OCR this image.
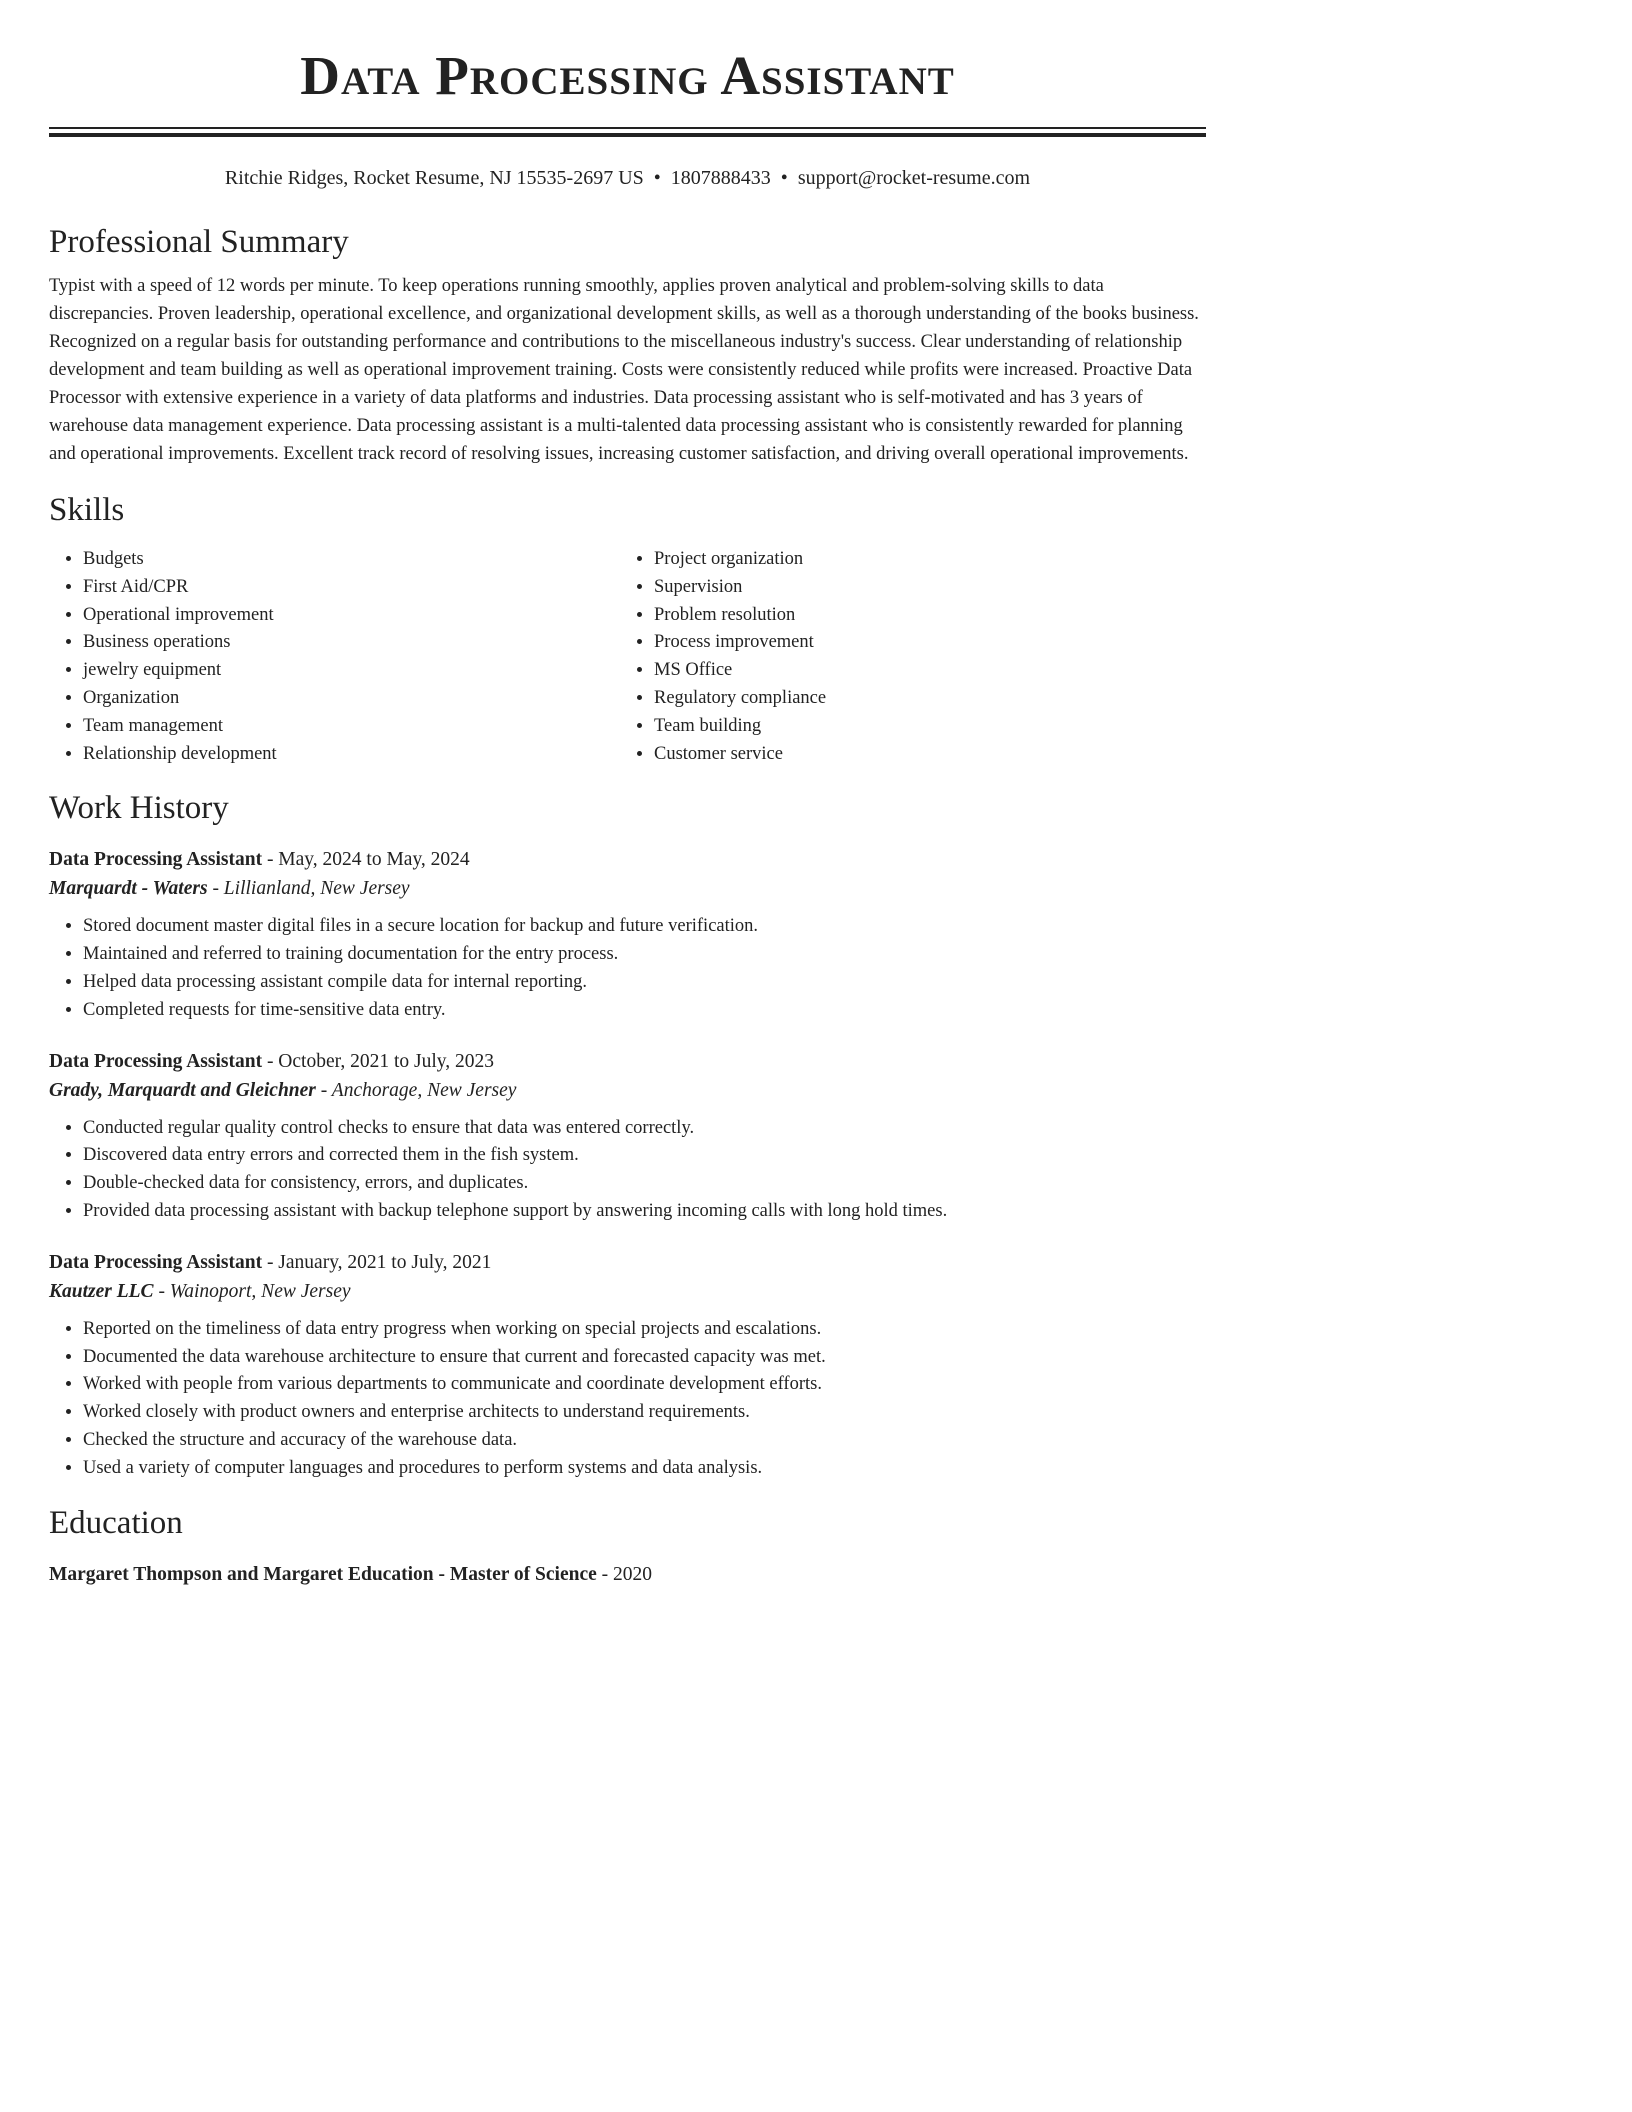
Data Processing Assistant
Ritchie Ridges, Rocket Resume, NJ 15535-2697 US • 1807888433 • support@rocket-resume.com
Professional Summary
Typist with a speed of 12 words per minute. To keep operations running smoothly, applies proven analytical and problem-solving skills to data discrepancies. Proven leadership, operational excellence, and organizational development skills, as well as a thorough understanding of the books business. Recognized on a regular basis for outstanding performance and contributions to the miscellaneous industry's success. Clear understanding of relationship development and team building as well as operational improvement training. Costs were consistently reduced while profits were increased. Proactive Data Processor with extensive experience in a variety of data platforms and industries. Data processing assistant who is self-motivated and has 3 years of warehouse data management experience. Data processing assistant is a multi-talented data processing assistant who is consistently rewarded for planning and operational improvements. Excellent track record of resolving issues, increasing customer satisfaction, and driving overall operational improvements.
Skills
• Budgets
• First Aid/CPR
• Operational improvement
• Business operations
• jewelry equipment
• Organization
• Team management
• Relationship development
• Project organization
• Supervision
• Problem resolution
• Process improvement
• MS Office
• Regulatory compliance
• Team building
• Customer service
Work History
Data Processing Assistant - May, 2024 to May, 2024
Marquardt - Waters - Lillianland, New Jersey
• Stored document master digital files in a secure location for backup and future verification.
• Maintained and referred to training documentation for the entry process.
• Helped data processing assistant compile data for internal reporting.
• Completed requests for time-sensitive data entry.
Data Processing Assistant - October, 2021 to July, 2023
Grady, Marquardt and Gleichner - Anchorage, New Jersey
• Conducted regular quality control checks to ensure that data was entered correctly.
• Discovered data entry errors and corrected them in the fish system.
• Double-checked data for consistency, errors, and duplicates.
• Provided data processing assistant with backup telephone support by answering incoming calls with long hold times.
Data Processing Assistant - January, 2021 to July, 2021
Kautzer LLC - Wainoport, New Jersey
• Reported on the timeliness of data entry progress when working on special projects and escalations.
• Documented the data warehouse architecture to ensure that current and forecasted capacity was met.
• Worked with people from various departments to communicate and coordinate development efforts.
• Worked closely with product owners and enterprise architects to understand requirements.
• Checked the structure and accuracy of the warehouse data.
• Used a variety of computer languages and procedures to perform systems and data analysis.
Education
Margaret Thompson and Margaret Education - Master of Science - 2020
